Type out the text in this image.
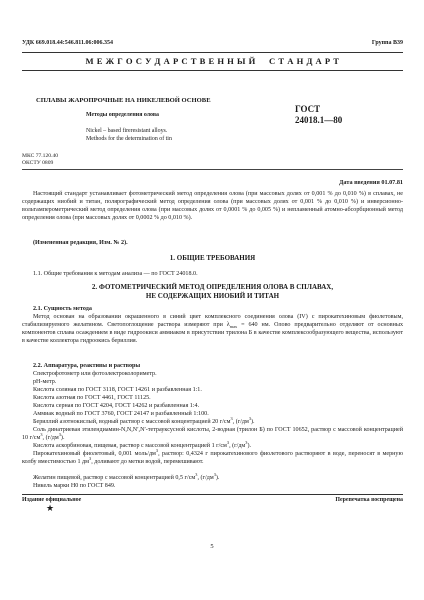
УДК 669.018.44:546.811.06:006.354	Группа В39
М Е Ж Г О С У Д А Р С Т В Е Н Н Ы Й     С Т А Н Д А Р Т
СПЛАВЫ ЖАРОПРОЧНЫЕ НА НИКЕЛЕВОЙ ОСНОВЕ
Методы определения олова
Nickel – based fireresistant alloys.
Methods for the determination of tin
ГОСТ
24018.1—80
МКС 77.120.40
ОКСТУ 0809
Дата введения 01.07.81
Настоящий стандарт устанавливает фотометрический метод определения олова (при массовых долях от 0,001 % до 0,010 %) в сплавах, не содержащих ниобий и титан, полярографический метод определения олова (при массовых долях от 0,001 % до 0,010 %) и инверсионно-вольтамперометрический метод определения олова (при массовых долях от 0,0001 % до 0,005 %) и непламенный атомно-абсорбционный метод определения олова (при массовых долях от 0,0002 % до 0,010 %).
(Измененная редакция, Изм. № 2).
1. ОБЩИЕ ТРЕБОВАНИЯ
1.1. Общие требования к методам анализа — по ГОСТ 24018.0.
2. ФОТОМЕТРИЧЕСКИЙ МЕТОД ОПРЕДЕЛЕНИЯ ОЛОВА В СПЛАВАХ,
НЕ СОДЕРЖАЩИХ НИОБИЙ И ТИТАН
2.1. Сущность метода
Метод основан на образовании окрашенного в синий цвет комплексного соединения олова (IV) с пирокатехиновым фиолетовым, стабилизируемого желатином. Светопоглощение раствора измеряют при $\lambda_{max} = 640$ нм. Олово предварительно отделяют от основных компонентов сплава осаждением в виде гидроокиси аммиаком в присутствии трилона Б в качестве комплексообразующего вещества, используют в качестве коллектора гидроокись бериллия.
2.2. Аппаратура, реактивы и растворы
Спектрофотометр или фотоэлектроколориметр.
pH-метр.
Кислота соляная по ГОСТ 3118, ГОСТ 14261 и разбавленная 1:1.
Кислота азотная по ГОСТ 4461, ГОСТ 11125.
Кислота серная по ГОСТ 4204, ГОСТ 14262 и разбавленная 1:4.
Аммиак водный по ГОСТ 3760, ГОСТ 24147 и разбавленный 1:100.
Бериллий азотнокислый, водный раствор с массовой концентрацией 20 $г/см^3$, $(г/дм^3)$.
Соль динатриевая этилендиамин-N,N,N′,N′-тетрауксусной кислоты, 2-водная (трилон Б) по ГОСТ 10652, раствор с массовой концентрацией 10 $г/см^3$, $(г/дм^3)$.
Кислота аскорбиновая, пищевая, раствор с массовой концентрацией 1 $г/см^3$, $(г/дм^3)$.
Пирокатехиновый фиолетовый, 0,001 моль/$дм^3$, раствор: 0,4324 г пирокатехинового фиолетового растворяют в воде, переносят в мерную колбу вместимостью 1 $дм^3$, доливают до метки водой, перемешивают.
Желатин пищевой, раствор с массовой концентрацией 0,5 $г/см^3$, $(г/дм^3)$.
Никель марки Н0 по ГОСТ 849.
Издание официальное	Перепечатка воспрещена
★
5
